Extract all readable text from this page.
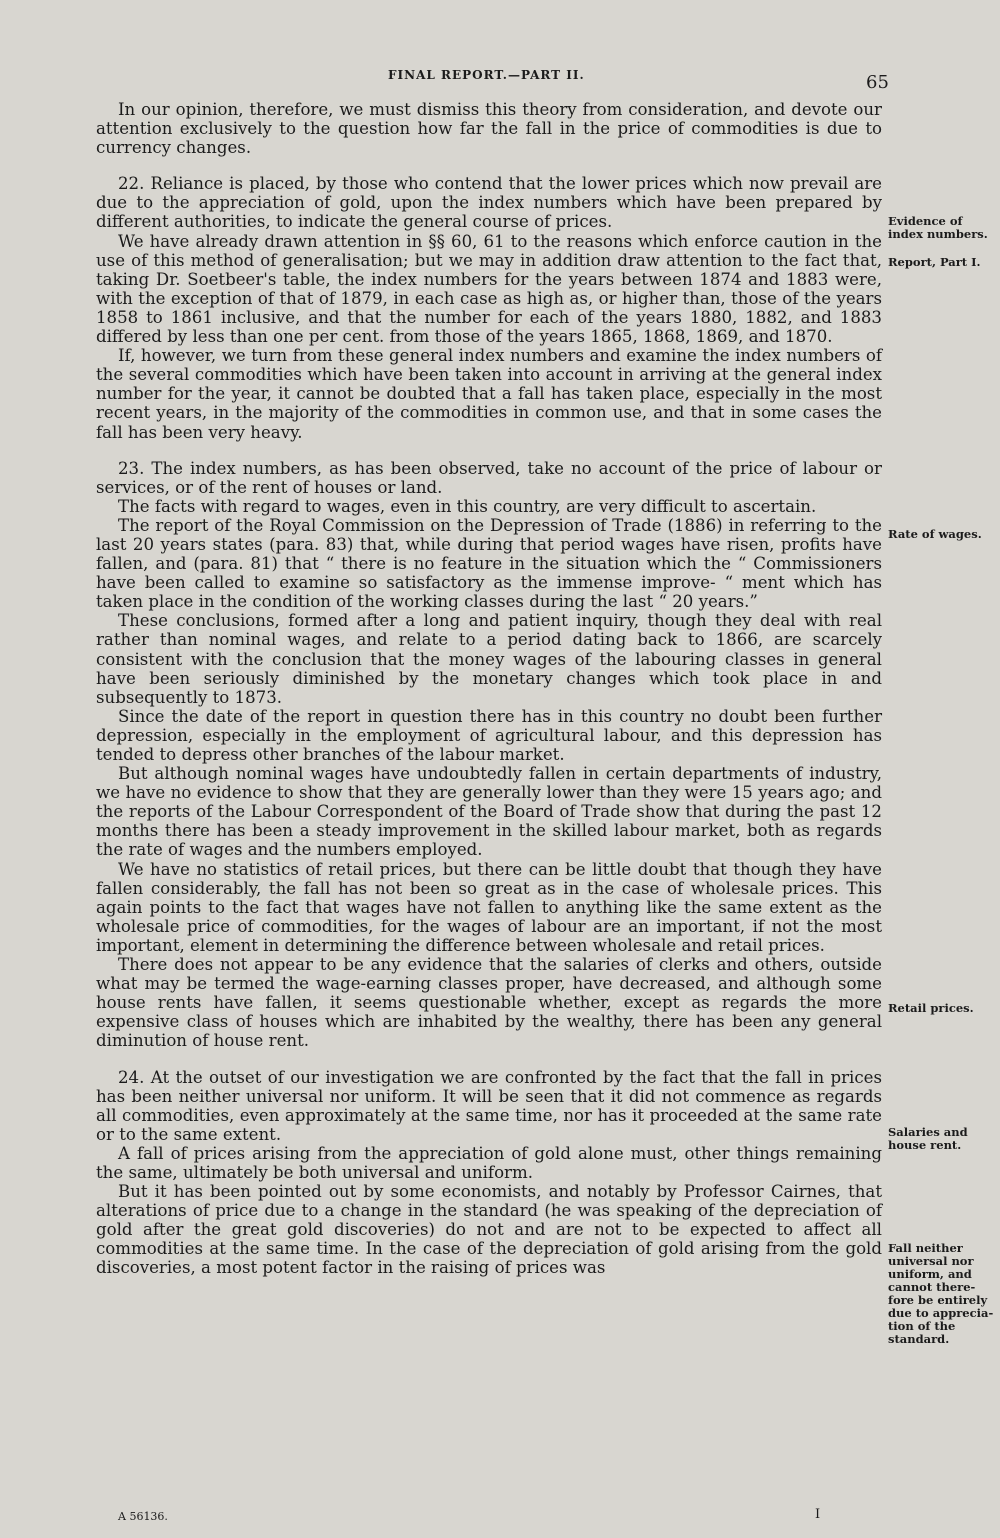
FINAL REPORT.—PART II.	65

In our opinion, therefore, we must dismiss this theory from consideration, and devote our attention exclusively to the question how far the fall in the price of commodities is due to currency changes.

22. Reliance is placed, by those who contend that the lower prices which now prevail are due to the appreciation of gold, upon the index numbers which have been prepared by different authorities, to indicate the general course of prices.

We have already drawn attention in §§ 60, 61 to the reasons which enforce caution in the use of this method of generalisation; but we may in addition draw attention to the fact that, taking Dr. Soetbeer's table, the index numbers for the years between 1874 and 1883 were, with the exception of that of 1879, in each case as high as, or higher than, those of the years 1858 to 1861 inclusive, and that the number for each of the years 1880, 1882, and 1883 differed by less than one per cent. from those of the years 1865, 1868, 1869, and 1870.

If, however, we turn from these general index numbers and examine the index numbers of the several commodities which have been taken into account in arriving at the general index number for the year, it cannot be doubted that a fall has taken place, especially in the most recent years, in the majority of the commodities in common use, and that in some cases the fall has been very heavy.

23. The index numbers, as has been observed, take no account of the price of labour or services, or of the rent of houses or land.

The facts with regard to wages, even in this country, are very difficult to ascertain.

The report of the Royal Commission on the Depression of Trade (1886) in referring to the last 20 years states (para. 83) that, while during that period wages have risen, profits have fallen, and (para. 81) that “ there is no feature in the situation which the “ Commissioners have been called to examine so satisfactory as the immense improve- “ ment which has taken place in the condition of the working classes during the last “ 20 years.”

These conclusions, formed after a long and patient inquiry, though they deal with real rather than nominal wages, and relate to a period dating back to 1866, are scarcely consistent with the conclusion that the money wages of the labouring classes in general have been seriously diminished by the monetary changes which took place in and subsequently to 1873.

Since the date of the report in question there has in this country no doubt been further depression, especially in the employment of agricultural labour, and this depression has tended to depress other branches of the labour market.

But although nominal wages have undoubtedly fallen in certain departments of industry, we have no evidence to show that they are generally lower than they were 15 years ago; and the reports of the Labour Correspondent of the Board of Trade show that during the past 12 months there has been a steady improvement in the skilled labour market, both as regards the rate of wages and the numbers employed.

We have no statistics of retail prices, but there can be little doubt that though they have fallen considerably, the fall has not been so great as in the case of wholesale prices. This again points to the fact that wages have not fallen to anything like the same extent as the wholesale price of commodities, for the wages of labour are an important, if not the most important, element in determining the difference between wholesale and retail prices.

There does not appear to be any evidence that the salaries of clerks and others, outside what may be termed the wage-earning classes proper, have decreased, and although some house rents have fallen, it seems questionable whether, except as regards the more expensive class of houses which are inhabited by the wealthy, there has been any general diminution of house rent.

24. At the outset of our investigation we are confronted by the fact that the fall in prices has been neither universal nor uniform. It will be seen that it did not commence as regards all commodities, even approximately at the same time, nor has it proceeded at the same rate or to the same extent.

A fall of prices arising from the appreciation of gold alone must, other things remaining the same, ultimately be both universal and uniform.

But it has been pointed out by some economists, and notably by Professor Cairnes, that alterations of price due to a change in the standard (he was speaking of the depreciation of gold after the great gold discoveries) do not and are not to be expected to affect all commodities at the same time. In the case of the depreciation of gold arising from the gold discoveries, a most potent factor in the raising of prices was

Evidence of index numbers.
Report, Part I.
Rate of wages.
Retail prices.
Salaries and house rent.
Fall neither universal nor uniform, and cannot there- fore be entirely due to apprecia- tion of the standard.
A 56136.	I
